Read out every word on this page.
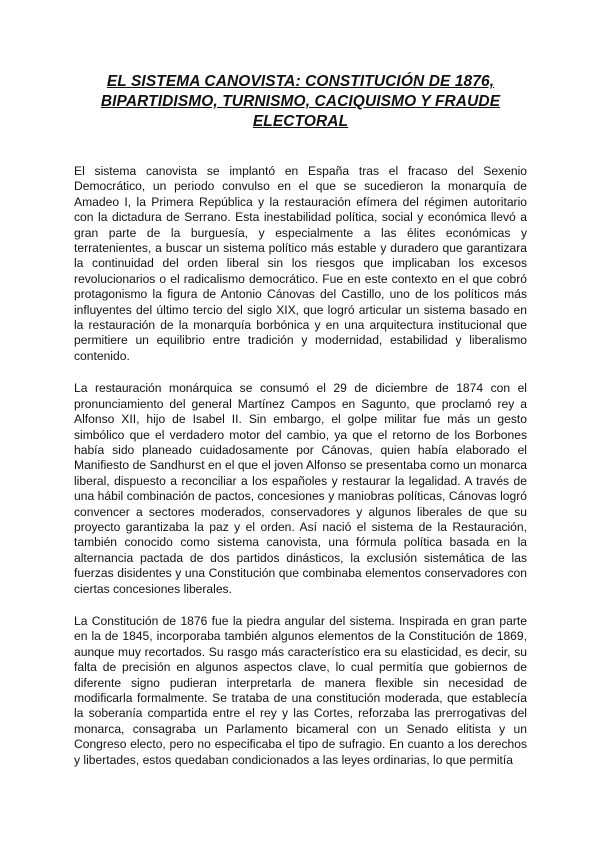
EL SISTEMA CANOVISTA: CONSTITUCIÓN DE 1876, BIPARTIDISMO, TURNISMO, CACIQUISMO Y FRAUDE ELECTORAL

El sistema canovista se implantó en España tras el fracaso del Sexenio Democrático, un periodo convulso en el que se sucedieron la monarquía de Amadeo I, la Primera República y la restauración efímera del régimen autoritario con la dictadura de Serrano. Esta inestabilidad política, social y económica llevó a gran parte de la burguesía, y especialmente a las élites económicas y terratenientes, a buscar un sistema político más estable y duradero que garantizara la continuidad del orden liberal sin los riesgos que implicaban los excesos revolucionarios o el radicalismo democrático. Fue en este contexto en el que cobró protagonismo la figura de Antonio Cánovas del Castillo, uno de los políticos más influyentes del último tercio del siglo XIX, que logró articular un sistema basado en la restauración de la monarquía borbónica y en una arquitectura institucional que permitiere un equilibrio entre tradición y modernidad, estabilidad y liberalismo contenido.

La restauración monárquica se consumó el 29 de diciembre de 1874 con el pronunciamiento del general Martínez Campos en Sagunto, que proclamó rey a Alfonso XII, hijo de Isabel II. Sin embargo, el golpe militar fue más un gesto simbólico que el verdadero motor del cambio, ya que el retorno de los Borbones había sido planeado cuidadosamente por Cánovas, quien había elaborado el Manifiesto de Sandhurst en el que el joven Alfonso se presentaba como un monarca liberal, dispuesto a reconciliar a los españoles y restaurar la legalidad. A través de una hábil combinación de pactos, concesiones y maniobras políticas, Cánovas logró convencer a sectores moderados, conservadores y algunos liberales de que su proyecto garantizaba la paz y el orden. Así nació el sistema de la Restauración, también conocido como sistema canovista, una fórmula política basada en la alternancia pactada de dos partidos dinásticos, la exclusión sistemática de las fuerzas disidentes y una Constitución que combinaba elementos conservadores con ciertas concesiones liberales.

La Constitución de 1876 fue la piedra angular del sistema. Inspirada en gran parte en la de 1845, incorporaba también algunos elementos de la Constitución de 1869, aunque muy recortados. Su rasgo más característico era su elasticidad, es decir, su falta de precisión en algunos aspectos clave, lo cual permitía que gobiernos de diferente signo pudieran interpretarla de manera flexible sin necesidad de modificarla formalmente. Se trataba de una constitución moderada, que establecía la soberanía compartida entre el rey y las Cortes, reforzaba las prerrogativas del monarca, consagraba un Parlamento bicameral con un Senado elitista y un Congreso electo, pero no especificaba el tipo de sufragio. En cuanto a los derechos y libertades, estos quedaban condicionados a las leyes ordinarias, lo que permitía
